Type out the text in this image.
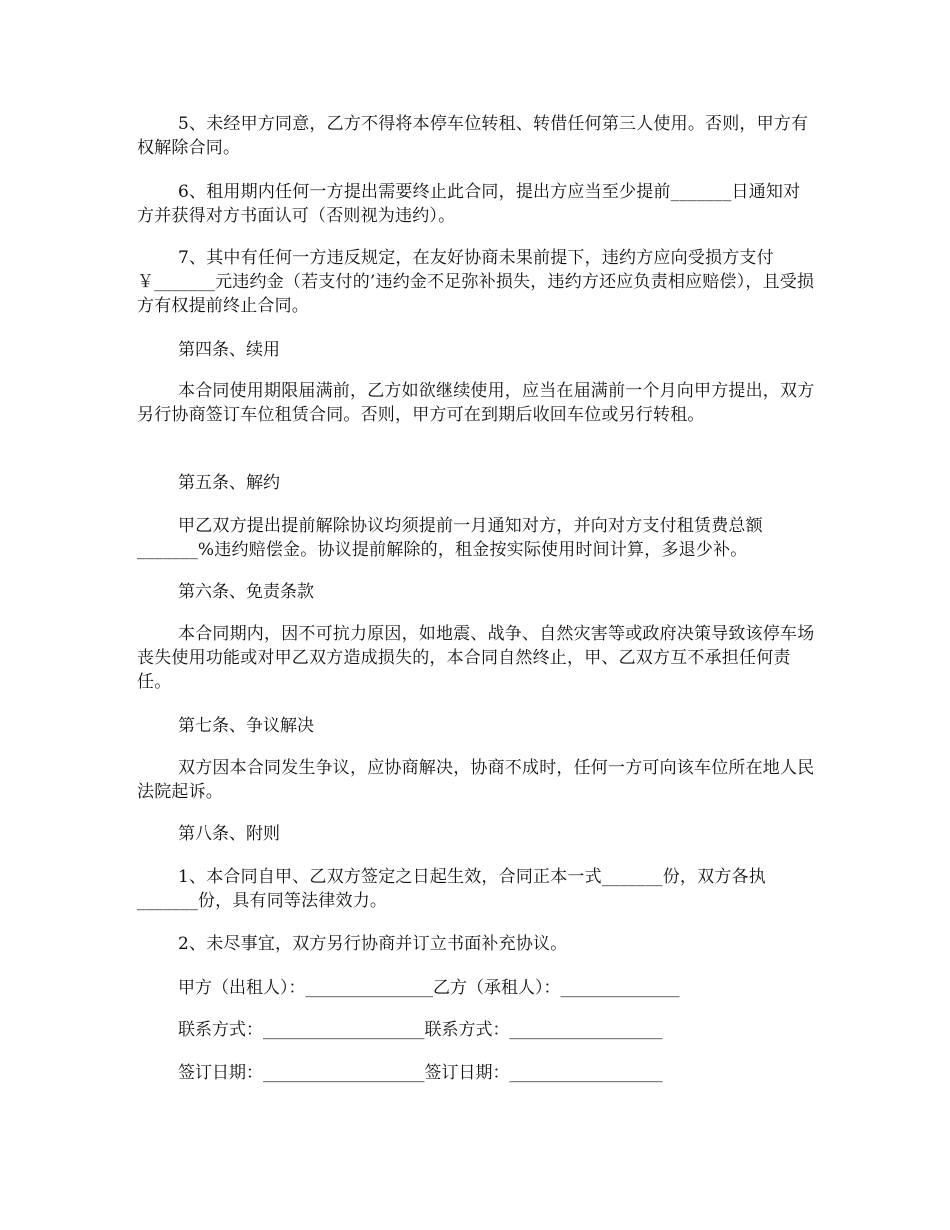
5、未经甲方同意，乙方不得将本停车位转租、转借任何第三人使用。否则，甲方有权解除合同。

6、租用期内任何一方提出需要终止此合同，提出方应当至少提前_______日通知对方并获得对方书面认可（否则视为违约）。

7、其中有任何一方违反规定，在友好协商未果前提下，违约方应向受损方支付￥_______元违约金（若支付的’违约金不足弥补损失，违约方还应负责相应赔偿），且受损方有权提前终止合同。

第四条、续用

本合同使用期限届满前，乙方如欲继续使用，应当在届满前一个月向甲方提出，双方另行协商签订车位租赁合同。否则，甲方可在到期后收回车位或另行转租。

第五条、解约

甲乙双方提出提前解除协议均须提前一月通知对方，并向对方支付租赁费总额_______%违约赔偿金。协议提前解除的，租金按实际使用时间计算，多退少补。

第六条、免责条款

本合同期内，因不可抗力原因，如地震、战争、自然灾害等或政府决策导致该停车场丧失使用功能或对甲乙双方造成损失的，本合同自然终止，甲、乙双方互不承担任何责任。

第七条、争议解决

双方因本合同发生争议，应协商解决，协商不成时，任何一方可向该车位所在地人民法院起诉。

第八条、附则

1、本合同自甲、乙双方签定之日起生效，合同正本一式_______份，双方各执_______份，具有同等法律效力。

2、未尽事宜，双方另行协商并订立书面补充协议。

甲方（出租人）：_______________乙方（承租人）：______________

联系方式：___________________联系方式：__________________

签订日期：___________________签订日期：__________________
